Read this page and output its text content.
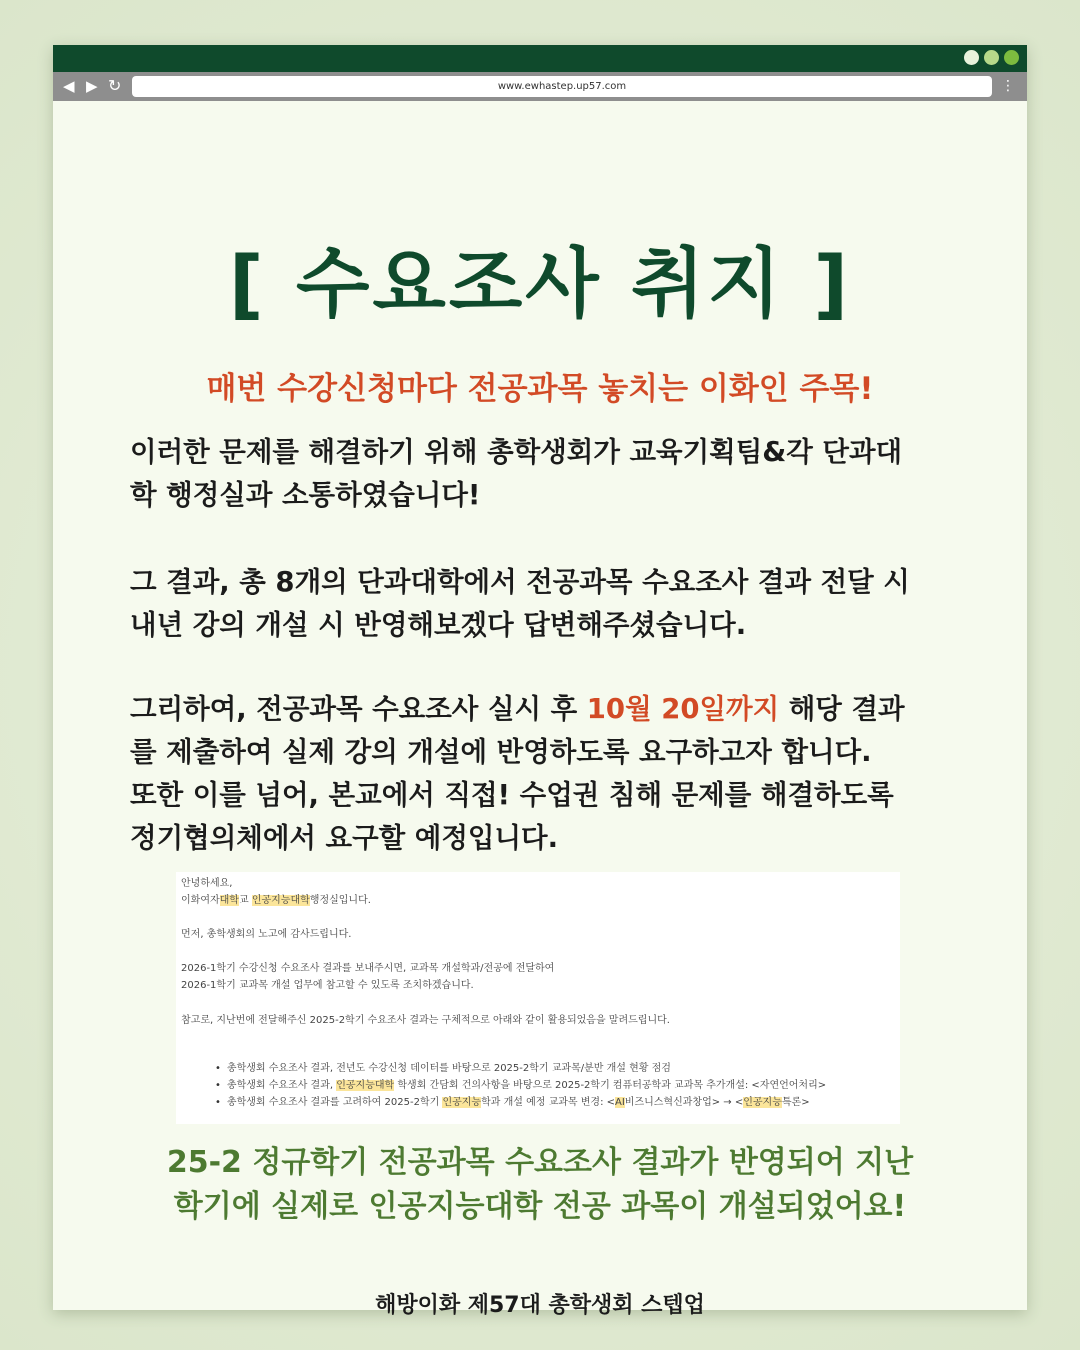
◀ ▶ ↻	www.ewhastep.up57.com	⋮
[ 수요조사 취지 ]
매번 수강신청마다 전공과목 놓치는 이화인 주목!
이러한 문제를 해결하기 위해 총학생회가 교육기획팀&각 단과대
학 행정실과 소통하였습니다!
그 결과, 총 8개의 단과대학에서 전공과목 수요조사 결과 전달 시
내년 강의 개설 시 반영해보겠다 답변해주셨습니다.
그리하여, 전공과목 수요조사 실시 후 10월 20일까지 해당 결과
를 제출하여 실제 강의 개설에 반영하도록 요구하고자 합니다.
또한 이를 넘어, 본교에서 직접! 수업권 침해 문제를 해결하도록
정기협의체에서 요구할 예정입니다.
안녕하세요,
이화여자대학교 인공지능대학행정실입니다.
먼저, 총학생회의 노고에 감사드립니다.
2026-1학기 수강신청 수요조사 결과를 보내주시면, 교과목 개설학과/전공에 전달하여
2026-1학기 교과목 개설 업무에 참고할 수 있도록 조치하겠습니다.
참고로, 지난번에 전달해주신 2025-2학기 수요조사 결과는 구체적으로 아래와 같이 활용되었음을 말려드립니다.
• 총학생회 수요조사 결과, 전년도 수강신청 데이터를 바탕으로 2025-2학기 교과목/분반 개설 현황 점검
• 총학생회 수요조사 결과, 인공지능대학 학생회 간담회 건의사항을 바탕으로 2025-2학기 컴퓨터공학과 교과목 추가개설: <자연언어처리>
• 총학생회 수요조사 결과를 고려하여 2025-2학기 인공지능학과 개설 예정 교과목 변경: <AI비즈니스혁신과창업> → <인공지능특론>
25-2 정규학기 전공과목 수요조사 결과가 반영되어 지난
학기에 실제로 인공지능대학 전공 과목이 개설되었어요!
해방이화 제57대 총학생회 스텝업
